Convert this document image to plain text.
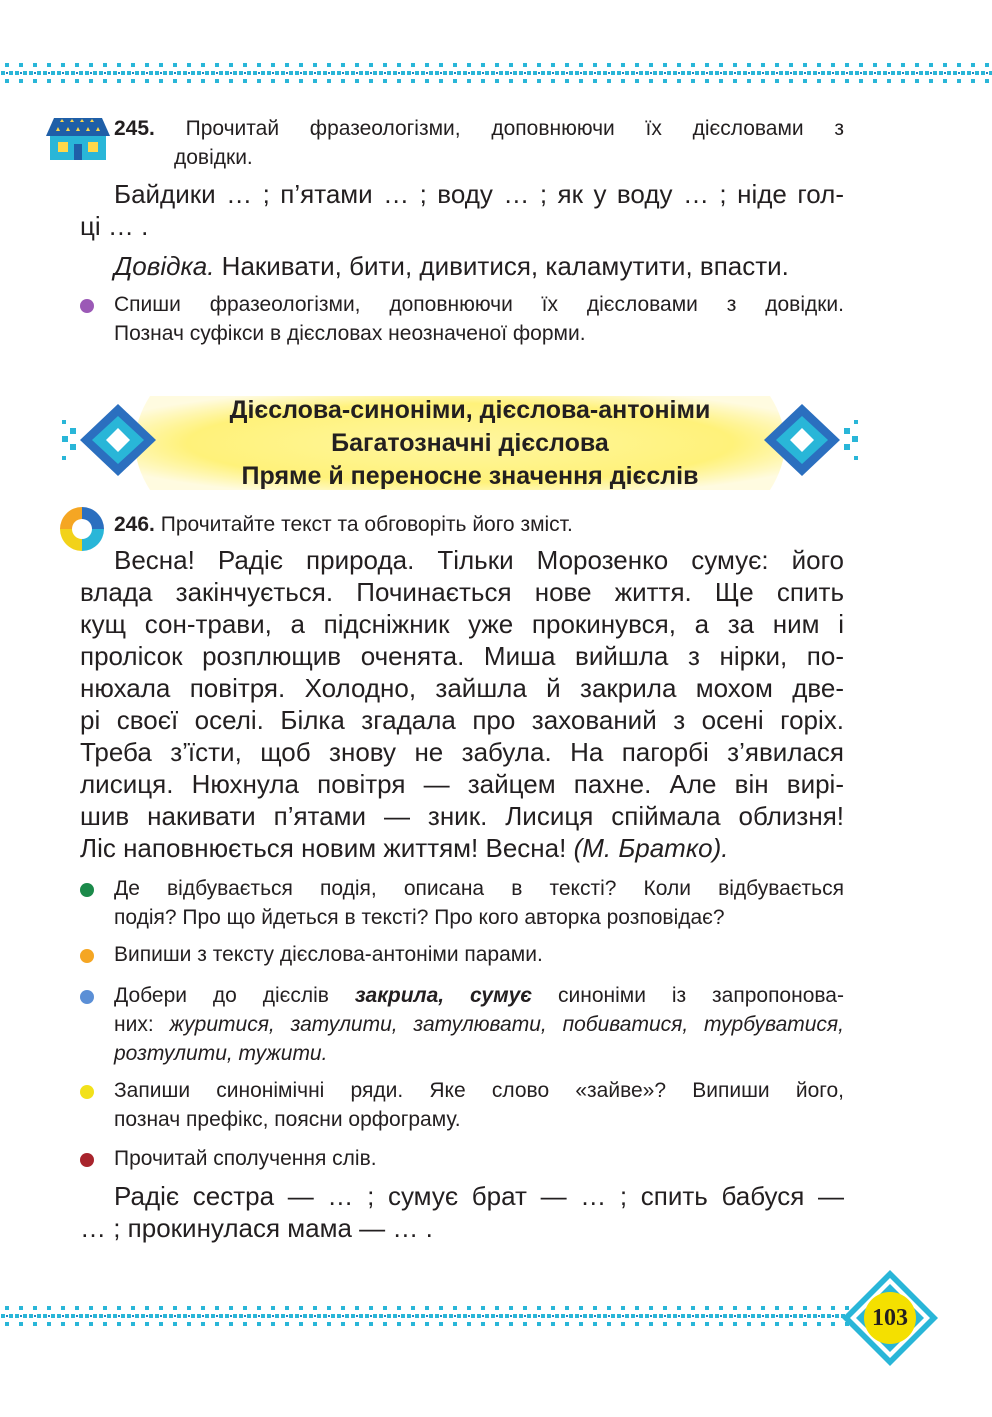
245. Прочитай фразеологізми, доповнюючи їх дієсловами з
довідки.
Байдики … ; п’ятами … ; воду … ; як у воду … ; ніде гол-
ці … .
Довідка. Накивати, бити, дивитися, каламутити, впасти.
Спиши фразеологізми, доповнюючи їх дієсловами з довідки.
Познач суфікси в дієсловах неозначеної форми.
Дієслова-синоніми, дієслова-антоніми
Багатозначні дієслова
Пряме й переносне значення дієслів
246. Прочитайте текст та обговоріть його зміст.
Весна! Радіє природа. Тільки Морозенко сумує: його
влада закінчується. Починається нове життя. Ще спить
кущ сон-трави, а підсніжник уже прокинувся, а за ним і
пролісок розплющив оченята. Миша вийшла з нірки, по-
нюхала повітря. Холодно, зайшла й закрила мохом две-
рі своєї оселі. Білка згадала про захований з осені горіх.
Треба з’їсти, щоб знову не забула. На пагорбі з’явилася
лисиця. Нюхнула повітря — зайцем пахне. Але він вирі-
шив накивати п’ятами — зник. Лисиця спіймала облизня!
Ліс наповнюється новим життям! Весна! (М. Братко).
Де відбувається подія, описана в тексті? Коли відбувається
подія? Про що йдеться в тексті? Про кого авторка розповідає?
Випиши з тексту дієслова-антоніми парами.
Добери до дієслів закрила, сумує синоніми із запропонова-
них: журитися, затулити, затулювати, побиватися, турбуватися,
розтулити, тужити.
Запиши синонімічні ряди. Яке слово «зайве»? Випиши його,
познач префікс, поясни орфограму.
Прочитай сполучення слів.
Радіє сестра — … ; сумує брат — … ; спить бабуся —
… ; прокинулася мама — … .
103
